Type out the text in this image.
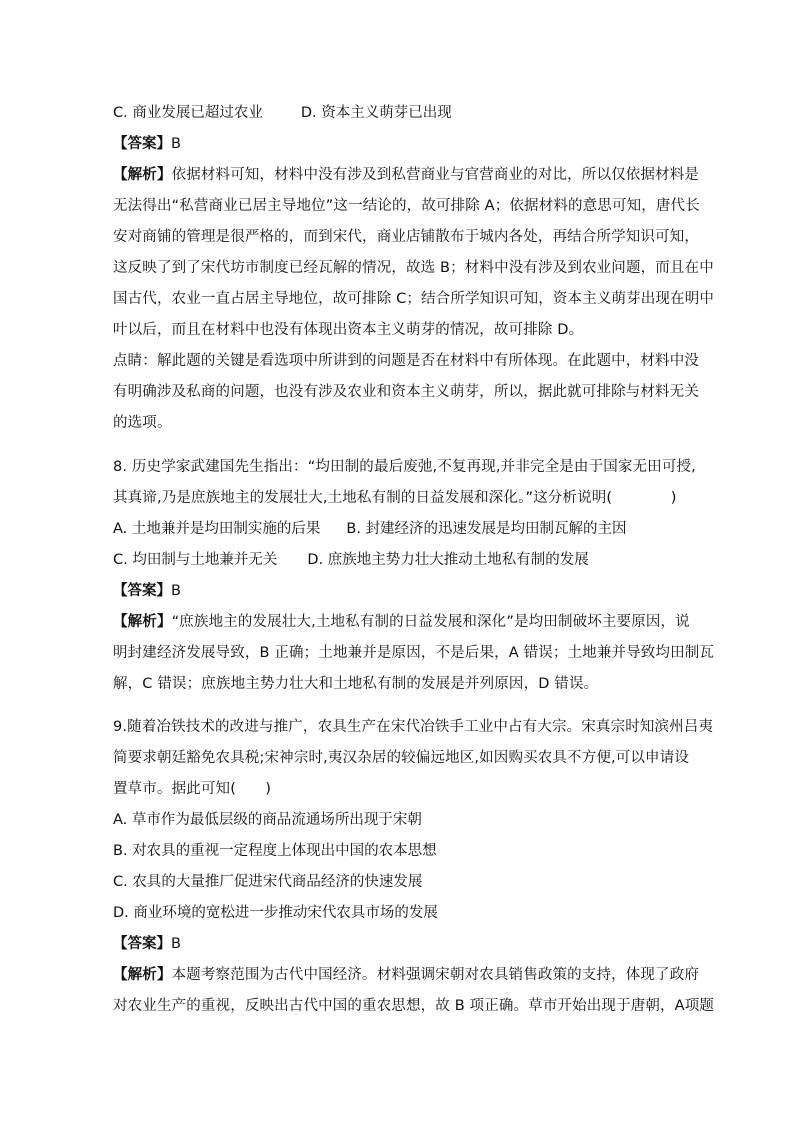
C. 商业发展已超过农业	D. 资本主义萌芽已出现
【答案】B
【解析】依据材料可知，材料中没有涉及到私营商业与官营商业的对比，所以仅依据材料是
无法得出“私营商业已居主导地位”这一结论的，故可排除 A；依据材料的意思可知，唐代长
安对商铺的管理是很严格的，而到宋代，商业店铺散布于城内各处，再结合所学知识可知，
这反映了到了宋代坊市制度已经瓦解的情况，故选 B；材料中没有涉及到农业问题，而且在中
国古代，农业一直占居主导地位，故可排除 C；结合所学知识可知，资本主义萌芽出现在明中
叶以后，而且在材料中也没有体现出资本主义萌芽的情况，故可排除 D。
点睛：解此题的关键是看选项中所讲到的问题是否在材料中有所体现。在此题中，材料中没
有明确涉及私商的问题，也没有涉及农业和资本主义萌芽，所以，据此就可排除与材料无关
的选项。
8. 历史学家武建国先生指出：“均田制的最后废弛,不复再现,并非完全是由于国家无田可授,
其真谛,乃是庶族地主的发展壮大,土地私有制的日益发展和深化。”这分析说明(　　　　)
A. 土地兼并是均田制实施的后果 B. 封建经济的迅速发展是均田制瓦解的主因
C. 均田制与土地兼并无关 D. 庶族地主势力壮大推动土地私有制的发展
【答案】B
【解析】“庶族地主的发展壮大,土地私有制的日益发展和深化”是均田制破坏主要原因，说
明封建经济发展导致，B 正确；土地兼并是原因，不是后果，A 错误；土地兼并导致均田制瓦
解，C 错误；庶族地主势力壮大和土地私有制的发展是并列原因，D 错误。
9.随着冶铁技术的改进与推广，农具生产在宋代冶铁手工业中占有大宗。宋真宗时知滨州吕夷
简要求朝廷豁免农具税;宋神宗时,夷汉杂居的较偏远地区,如因购买农具不方便,可以申请设
置草市。据此可知(　　)
A. 草市作为最低层级的商品流通场所出现于宋朝
B. 对农具的重视一定程度上体现出中国的农本思想
C. 农具的大量推厂促进宋代商品经济的快速发展
D. 商业环境的宽松进一步推动宋代农具市场的发展
【答案】B
【解析】本题考察范围为古代中国经济。材料强调宋朝对农具销售政策的支持，体现了政府
对农业生产的重视，反映出古代中国的重农思想，故 B 项正确。草市开始出现于唐朝，A项题
